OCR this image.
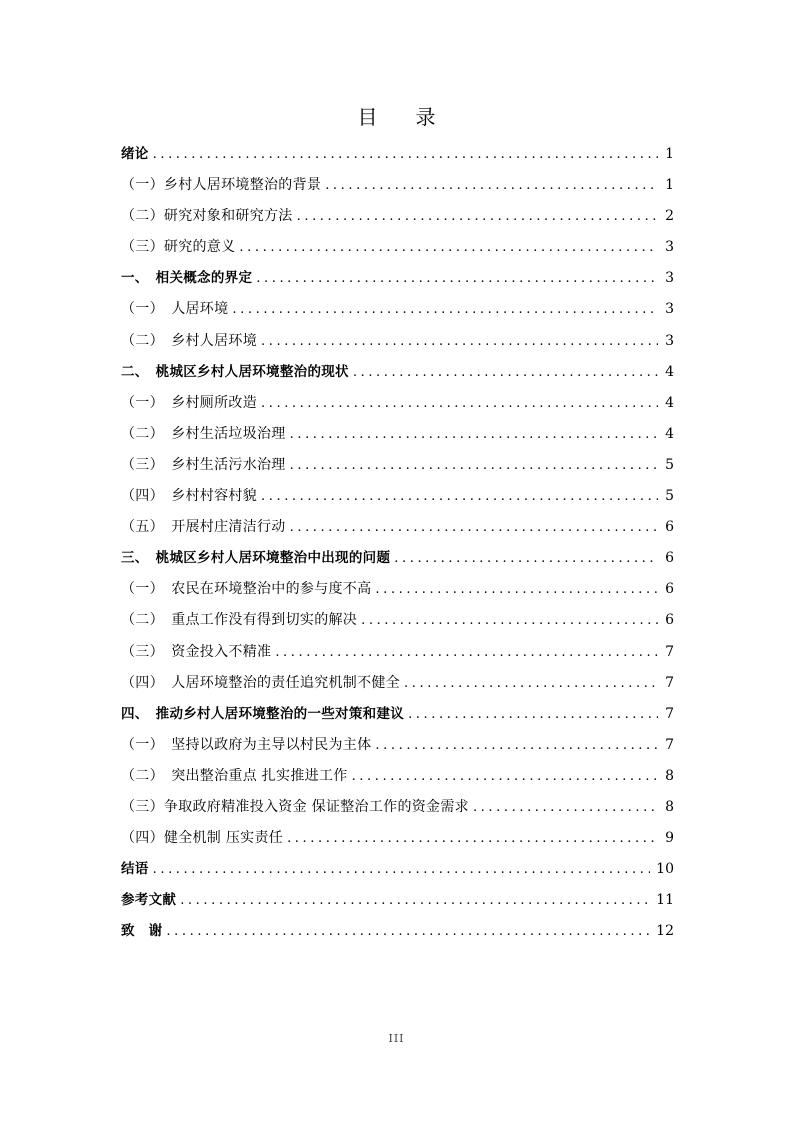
目录
绪论 .....	1
（一）乡村人居环境整治的背景 .....	1
（二）研究对象和研究方法 .....	2
（三）研究的意义 .....	3
一、　相关概念的界定 .....	3
（一）　人居环境 .....	3
（二）　乡村人居环境 .....	3
二、　桃城区乡村人居环境整治的现状 .....	4
（一）　乡村厕所改造 .....	4
（二）　乡村生活垃圾治理 .....	4
（三）　乡村生活污水治理 .....	5
（四）　乡村村容村貌 .....	5
（五）　开展村庄清洁行动 .....	6
三、　桃城区乡村人居环境整治中出现的问题 .....	6
（一）　农民在环境整治中的参与度不高 .....	6
（二）　重点工作没有得到切实的解决 .....	6
（三）　资金投入不精准 .....	7
（四）　人居环境整治的责任追究机制不健全 .....	7
四、　推动乡村人居环境整治的一些对策和建议 .....	7
（一）　坚持以政府为主导以村民为主体 .....	7
（二）　突出整治重点 扎实推进工作 .....	8
（三）争取政府精准投入资金 保证整治工作的资金需求 .....	8
（四）健全机制 压实责任 .....	9
结语 .....	10
参考文献 .....	11
致　谢 .....	12
III
